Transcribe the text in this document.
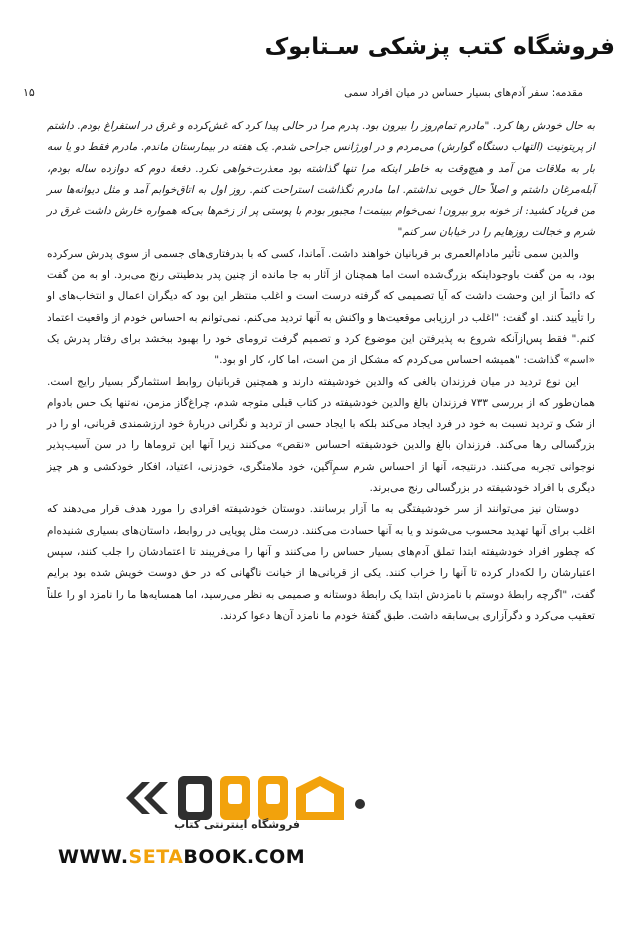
فروشگاه کتب پزشکی سـتابوک
مقدمه: سفر آدم‌های بسیار حساس در میان افراد سمی
۱۵

به حال خودش رها کرد. "مادرم تمام‌روز را بیرون بود. پدرم مرا در حالی پیدا کرد که غش‌کرده و غرق در استفراغ بودم. داشتم از پریتونیت (التهاب دستگاه گوارش) می‌مردم و در اورژانس جراحی شدم. یک هفته در بیمارستان ماندم. مادرم فقط دو یا سه بار به ملاقات من آمد و هیچ‌وقت به خاطر اینکه مرا تنها گذاشته بود معذرت‌خواهی نکرد. دفعهٔ دوم که دوازده ساله بودم، آبله‌مرغان داشتم و اصلاً حال خوبی نداشتم. اما مادرم نگذاشت استراحت کنم. روز اول به اتاق‌خوابم آمد و مثل دیوانه‌ها سر من فریاد کشید: از خونه برو بیرون! نمی‌خوام ببینمت! مجبور بودم با پوستی پر از زخم‌ها بی‌که همواره خارش داشت غرق در شرم و خجالت روزهایم را در خیابان سر کنم"

والدین سمی تأثیر مادام‌العمری بر قربانیان خواهند داشت. آماندا، کسی که با بدرفتاری‌های جسمی از سوی پدرش سرکرده بود، به من گفت باوجوداینکه بزرگ‌شده است اما همچنان از آثار به جا مانده از چنین پدر بدطینتی رنج می‌برد. او به من گفت که دائماً از این وحشت داشت که آیا تصمیمی که گرفته درست است و اغلب منتظر این بود که دیگران اعمال و انتخاب‌های او را تأیید کنند. او گفت: "اغلب در ارزیابی موقعیت‌ها و واکنش به آنها تردید می‌کنم. نمی‌توانم به احساس خودم از واقعیت اعتماد کنم." فقط پس‌ازآنکه شروع به پذیرفتن این موضوع کرد و تصمیم گرفت ترومای خود را بهبود ببخشد برای رفتار پدرش یک «اسم» گذاشت: "همیشه احساس می‌کردم که مشکل از من است، اما کار، کار او بود."

این نوع تردید در میان فرزندان بالغی که والدین خودشیفته دارند و همچنین قربانیان روابط استثمارگر بسیار رایج است. همان‌طور که از بررسی ۷۳۳ فرزندان بالغ والدین خودشیفته در کتاب قبلی متوجه شدم، چراغ‌گاز مزمن، نه‌تنها یک حس بادوام از شک و تردید نسبت به خود در فرد ایجاد می‌کند بلکه با ایجاد حسی از تردید و نگرانی دربارهٔ خود ارزشمندی قربانی، او را در بزرگسالی رها می‌کند. فرزندان بالغ والدین خودشیفته احساس «نقص» می‌کنند زیرا آنها این تروماها را در سن آسیب‌پذیر نوجوانی تجربه می‌کنند. درنتیجه، آنها از احساس شرم سمِ‌آگین، خود ملامتگری، خودزنی، اعتیاد، افکار خودکشی و هر چیز دیگری با افراد خودشیفته در بزرگسالی رنج می‌برند.

دوستان نیز می‌توانند از سر خودشیفتگی به ما آزار برسانند. دوستان خودشیفته افرادی را مورد هدف قرار می‌دهند که اغلب برای آنها تهدید محسوب می‌شوند و یا به آنها حسادت می‌کنند. درست مثل پویایی در روابط، داستان‌های بسیاری شنیده‌ام که چطور افراد خودشیفته ابتدا تملق آدم‌های بسیار حساس را می‌کنند و آنها را می‌فریبند تا اعتمادشان را جلب کنند، سپس اعتبارشان را لکه‌دار کرده تا آنها را خراب کنند. یکی از قربانی‌ها از خیانت ناگهانی که در حق دوست خویش شده بود برایم گفت، "اگرچه رابطهٔ دوستم با نامزدش ابتدا یک رابطهٔ دوستانه و صمیمی به نظر می‌رسید، اما همسایه‌ها ما را نامزد او را علناً تعقیب می‌کرد و دگرآزاری بی‌سابقه داشت. طبق گفتهٔ خودم ما نامزد آن‌ها دعوا کردند.

فروشگاه اینترنتی کتاب
WWW.SETABOOK.COM
